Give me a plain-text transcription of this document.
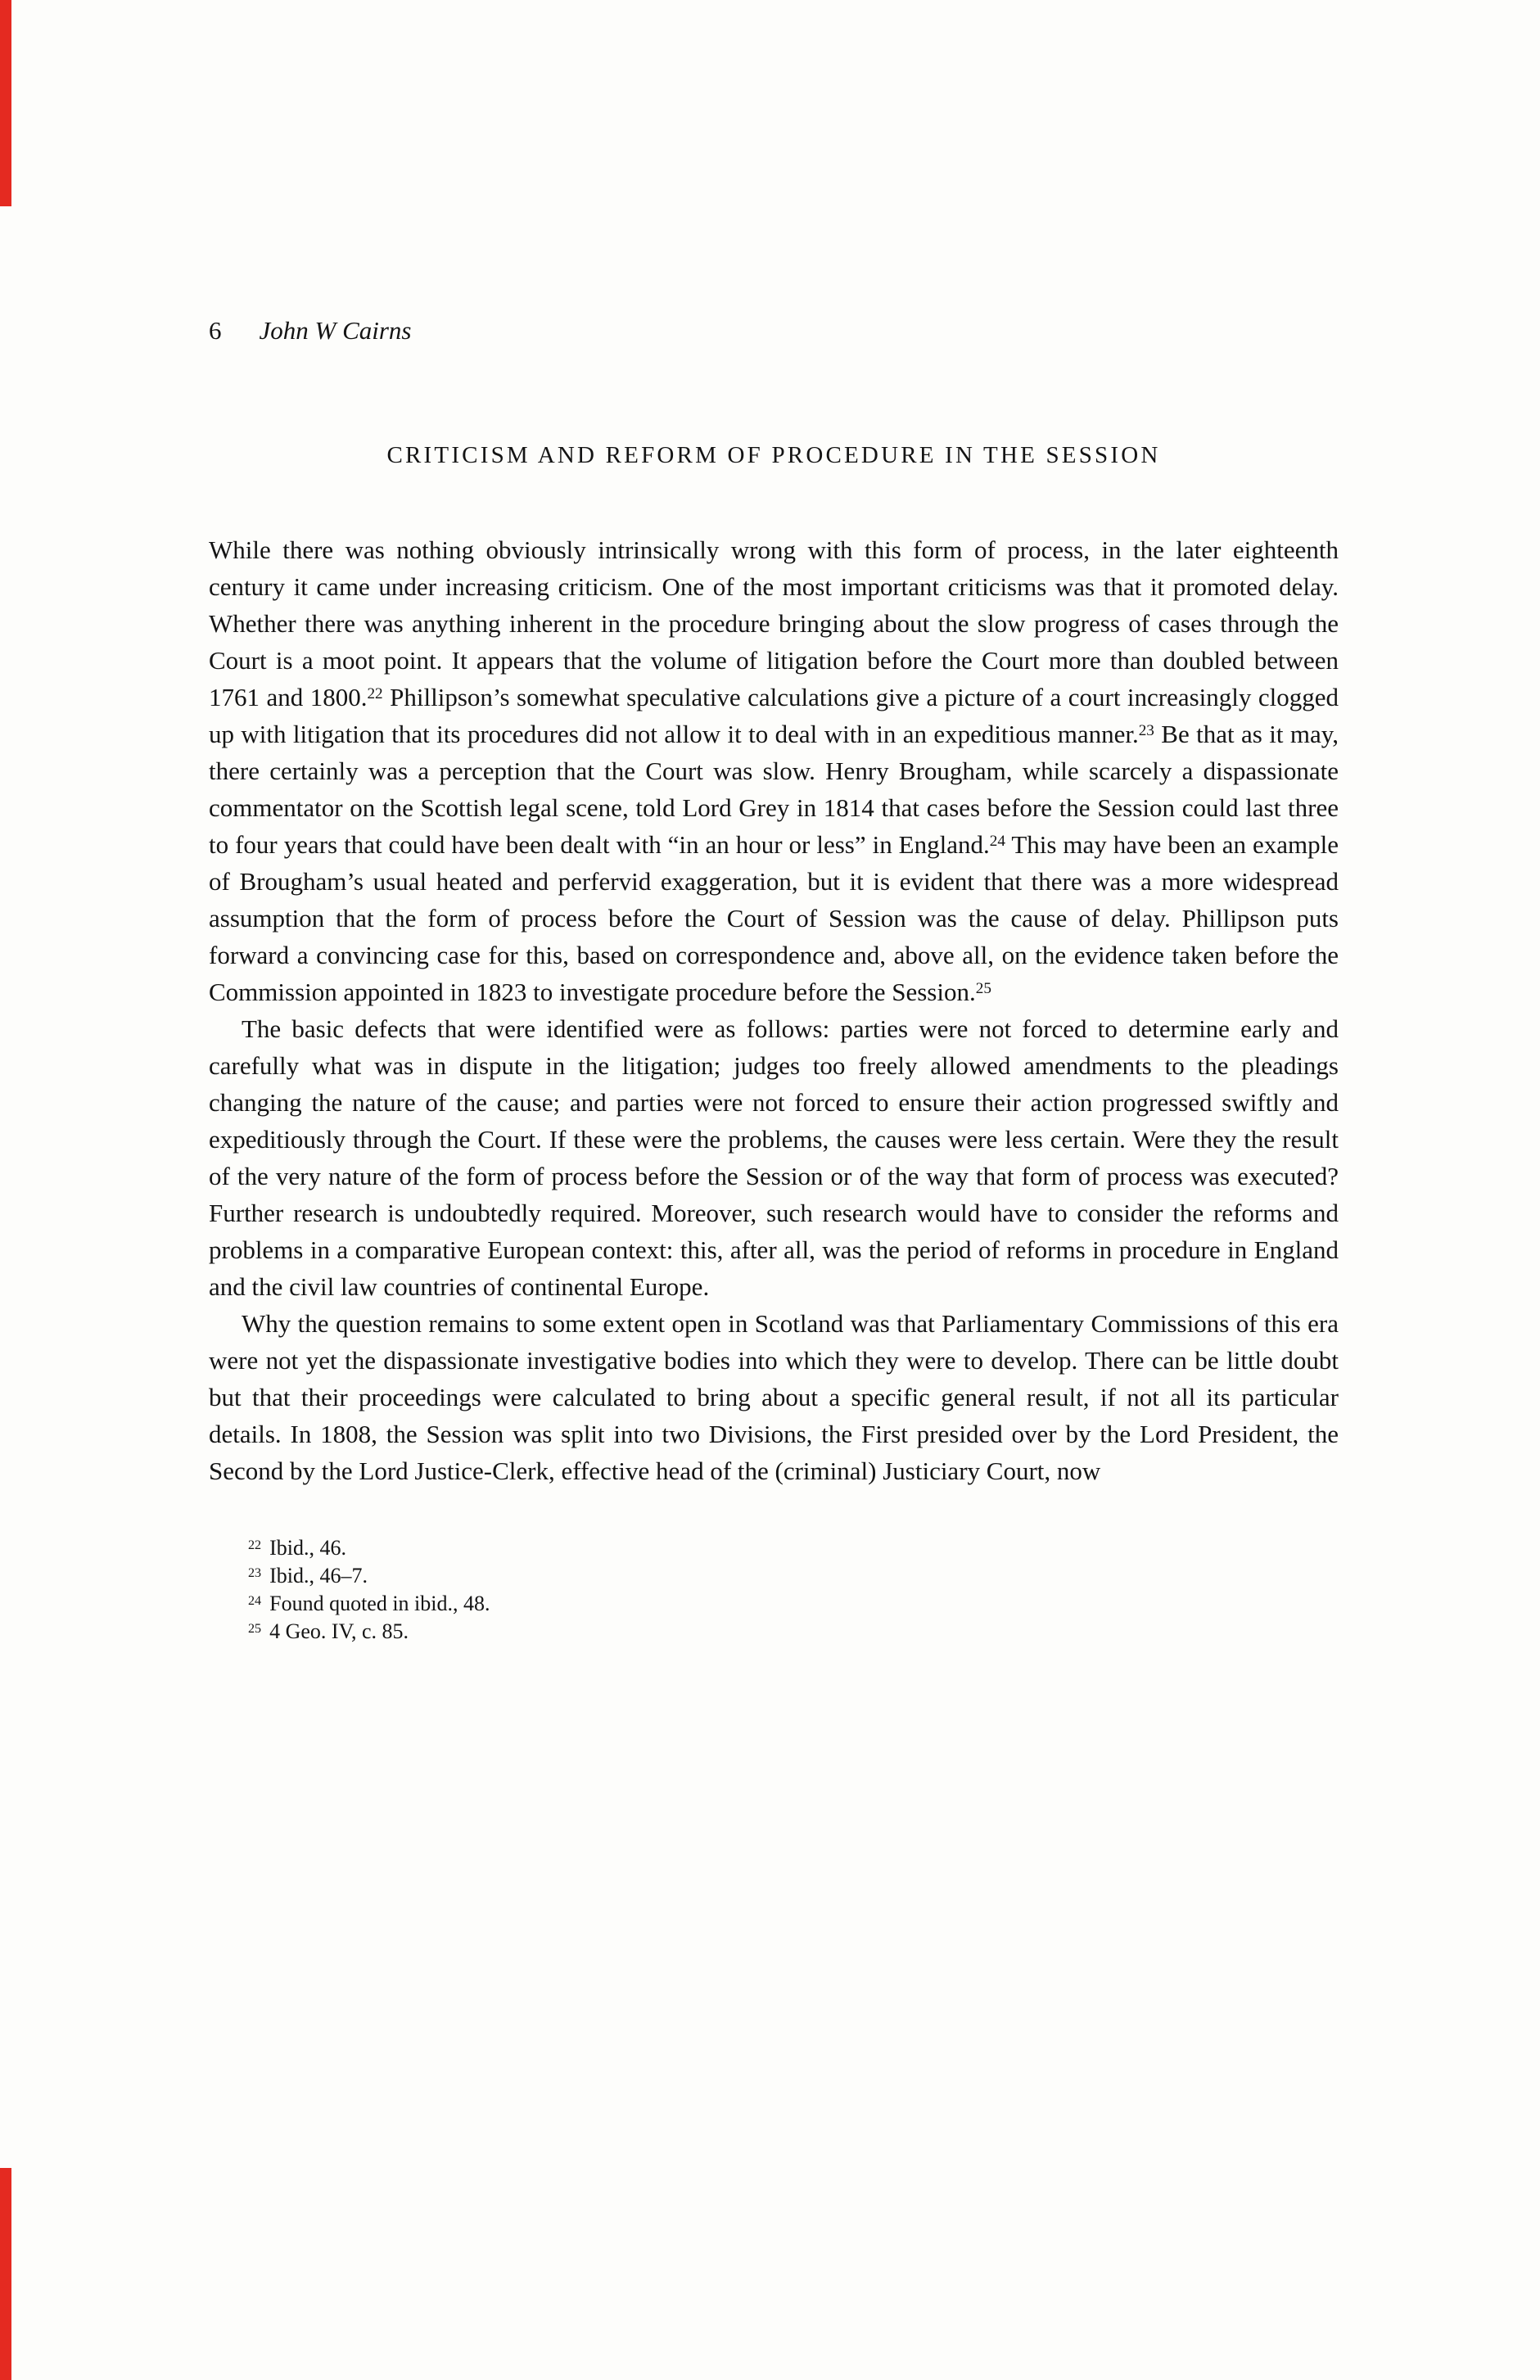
6 John W Cairns
CRITICISM AND REFORM OF PROCEDURE IN THE SESSION

While there was nothing obviously intrinsically wrong with this form of process, in the later eighteenth century it came under increasing criticism. One of the most important criticisms was that it promoted delay. Whether there was anything inherent in the procedure bringing about the slow progress of cases through the Court is a moot point. It appears that the volume of litigation before the Court more than doubled between 1761 and 1800.22 Phillipson’s somewhat speculative calculations give a picture of a court increasingly clogged up with litigation that its procedures did not allow it to deal with in an expeditious manner.$^{23}$ Be that as it may, there certainly was a perception that the Court was slow. Henry Brougham, while scarcely a dispassionate commentator on the Scottish legal scene, told Lord Grey in 1814 that cases before the Session could last three to four years that could have been dealt with “in an hour or less” in England.$^{24}$ This may have been an example of Brougham’s usual heated and perfervid exaggeration, but it is evident that there was a more widespread assumption that the form of process before the Court of Session was the cause of delay. Phillipson puts forward a convincing case for this, based on correspondence and, above all, on the evidence taken before the Commission appointed in 1823 to investigate procedure before the Session.$^{25}$

The basic defects that were identified were as follows: parties were not forced to determine early and carefully what was in dispute in the litigation; judges too freely allowed amendments to the pleadings changing the nature of the cause; and parties were not forced to ensure their action progressed swiftly and expeditiously through the Court. If these were the problems, the causes were less certain. Were they the result of the very nature of the form of process before the Session or of the way that form of process was executed? Further research is undoubtedly required. Moreover, such research would have to consider the reforms and problems in a comparative European context: this, after all, was the period of reforms in procedure in England and the civil law countries of continental Europe.

Why the question remains to some extent open in Scotland was that Parliamentary Commissions of this era were not yet the dispassionate investigative bodies into which they were to develop. There can be little doubt but that their proceedings were calculated to bring about a specific general result, if not all its particular details. In 1808, the Session was split into two Divisions, the First presided over by the Lord President, the Second by the Lord Justice-Clerk, effective head of the (criminal) Justiciary Court, now

$^{22}$ Ibid., 46.
$^{23}$ Ibid., 46–7.
$^{24}$ Found quoted in ibid., 48.
$^{25}$ 4 Geo. IV, c. 85.
